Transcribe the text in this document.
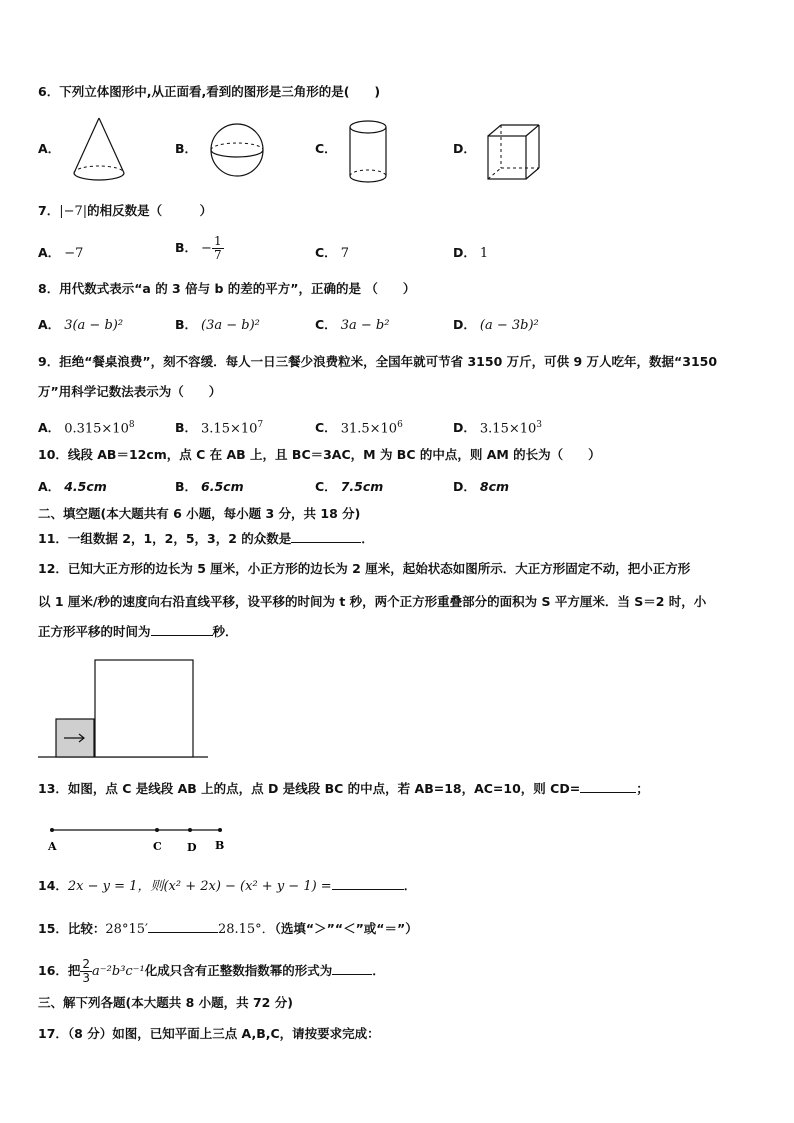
6．下列立体图形中,从正面看,看到的图形是三角形的是(　　)
A．	B．	C．	D．
7．|−7|的相反数是（　　　）
A． −7	B． − $\frac{1}{7}$	C． 7	D． 1
8．用代数式表示“a 的 3 倍与 b 的差的平方”，正确的是 （　　）
A． 3(a − b)²	B． (3a − b)²	C． 3a − b²	D． (a − 3b)²
9．拒绝“餐桌浪费”，刻不容缓．每人一日三餐少浪费粒米，全国年就可节省 3150 万斤，可供 9 万人吃年，数据“3150
万”用科学记数法表示为（　　）
A． $0.315\times 10^8$	B． $3.15\times 10^7$	C． $31.5\times 10^6$	D． $3.15\times 10^3$
10．线段 AB＝12cm，点 C 在 AB 上，且 BC＝3AC，M 为 BC 的中点，则 AM 的长为（　　）
A． 4.5cm	B． 6.5cm	C． 7.5cm	D． 8cm
二、填空题(本大题共有 6 小题，每小题 3 分，共 18 分)
11．一组数据 2，1，2，5，3，2 的众数是	．
12．已知大正方形的边长为 5 厘米，小正方形的边长为 2 厘米，起始状态如图所示．大正方形固定不动，把小正方形
以 1 厘米/秒的速度向右沿直线平移，设平移的时间为 t 秒，两个正方形重叠部分的面积为 S 平方厘米．当 S＝2 时，小
正方形平移的时间为	秒．
13．如图，点 C 是线段 AB 上的点，点 D 是线段 BC 的中点，若 AB=18，AC=10，则 CD=	；
A	C D B
14．2x − y = 1，则(x² + 2x) − (x² + y − 1) =	．
15．比较：28°15′	28.15°．（选填“＞”“＜”或“＝”）
16．把 $\frac{2}{3} a^{-2}b^3c^{-1}$化成只含有正整数指数幂的形式为	．
三、解下列各题(本大题共 8 小题，共 72 分)
17．（8 分）如图，已知平面上三点 A,B,C，请按要求完成：
